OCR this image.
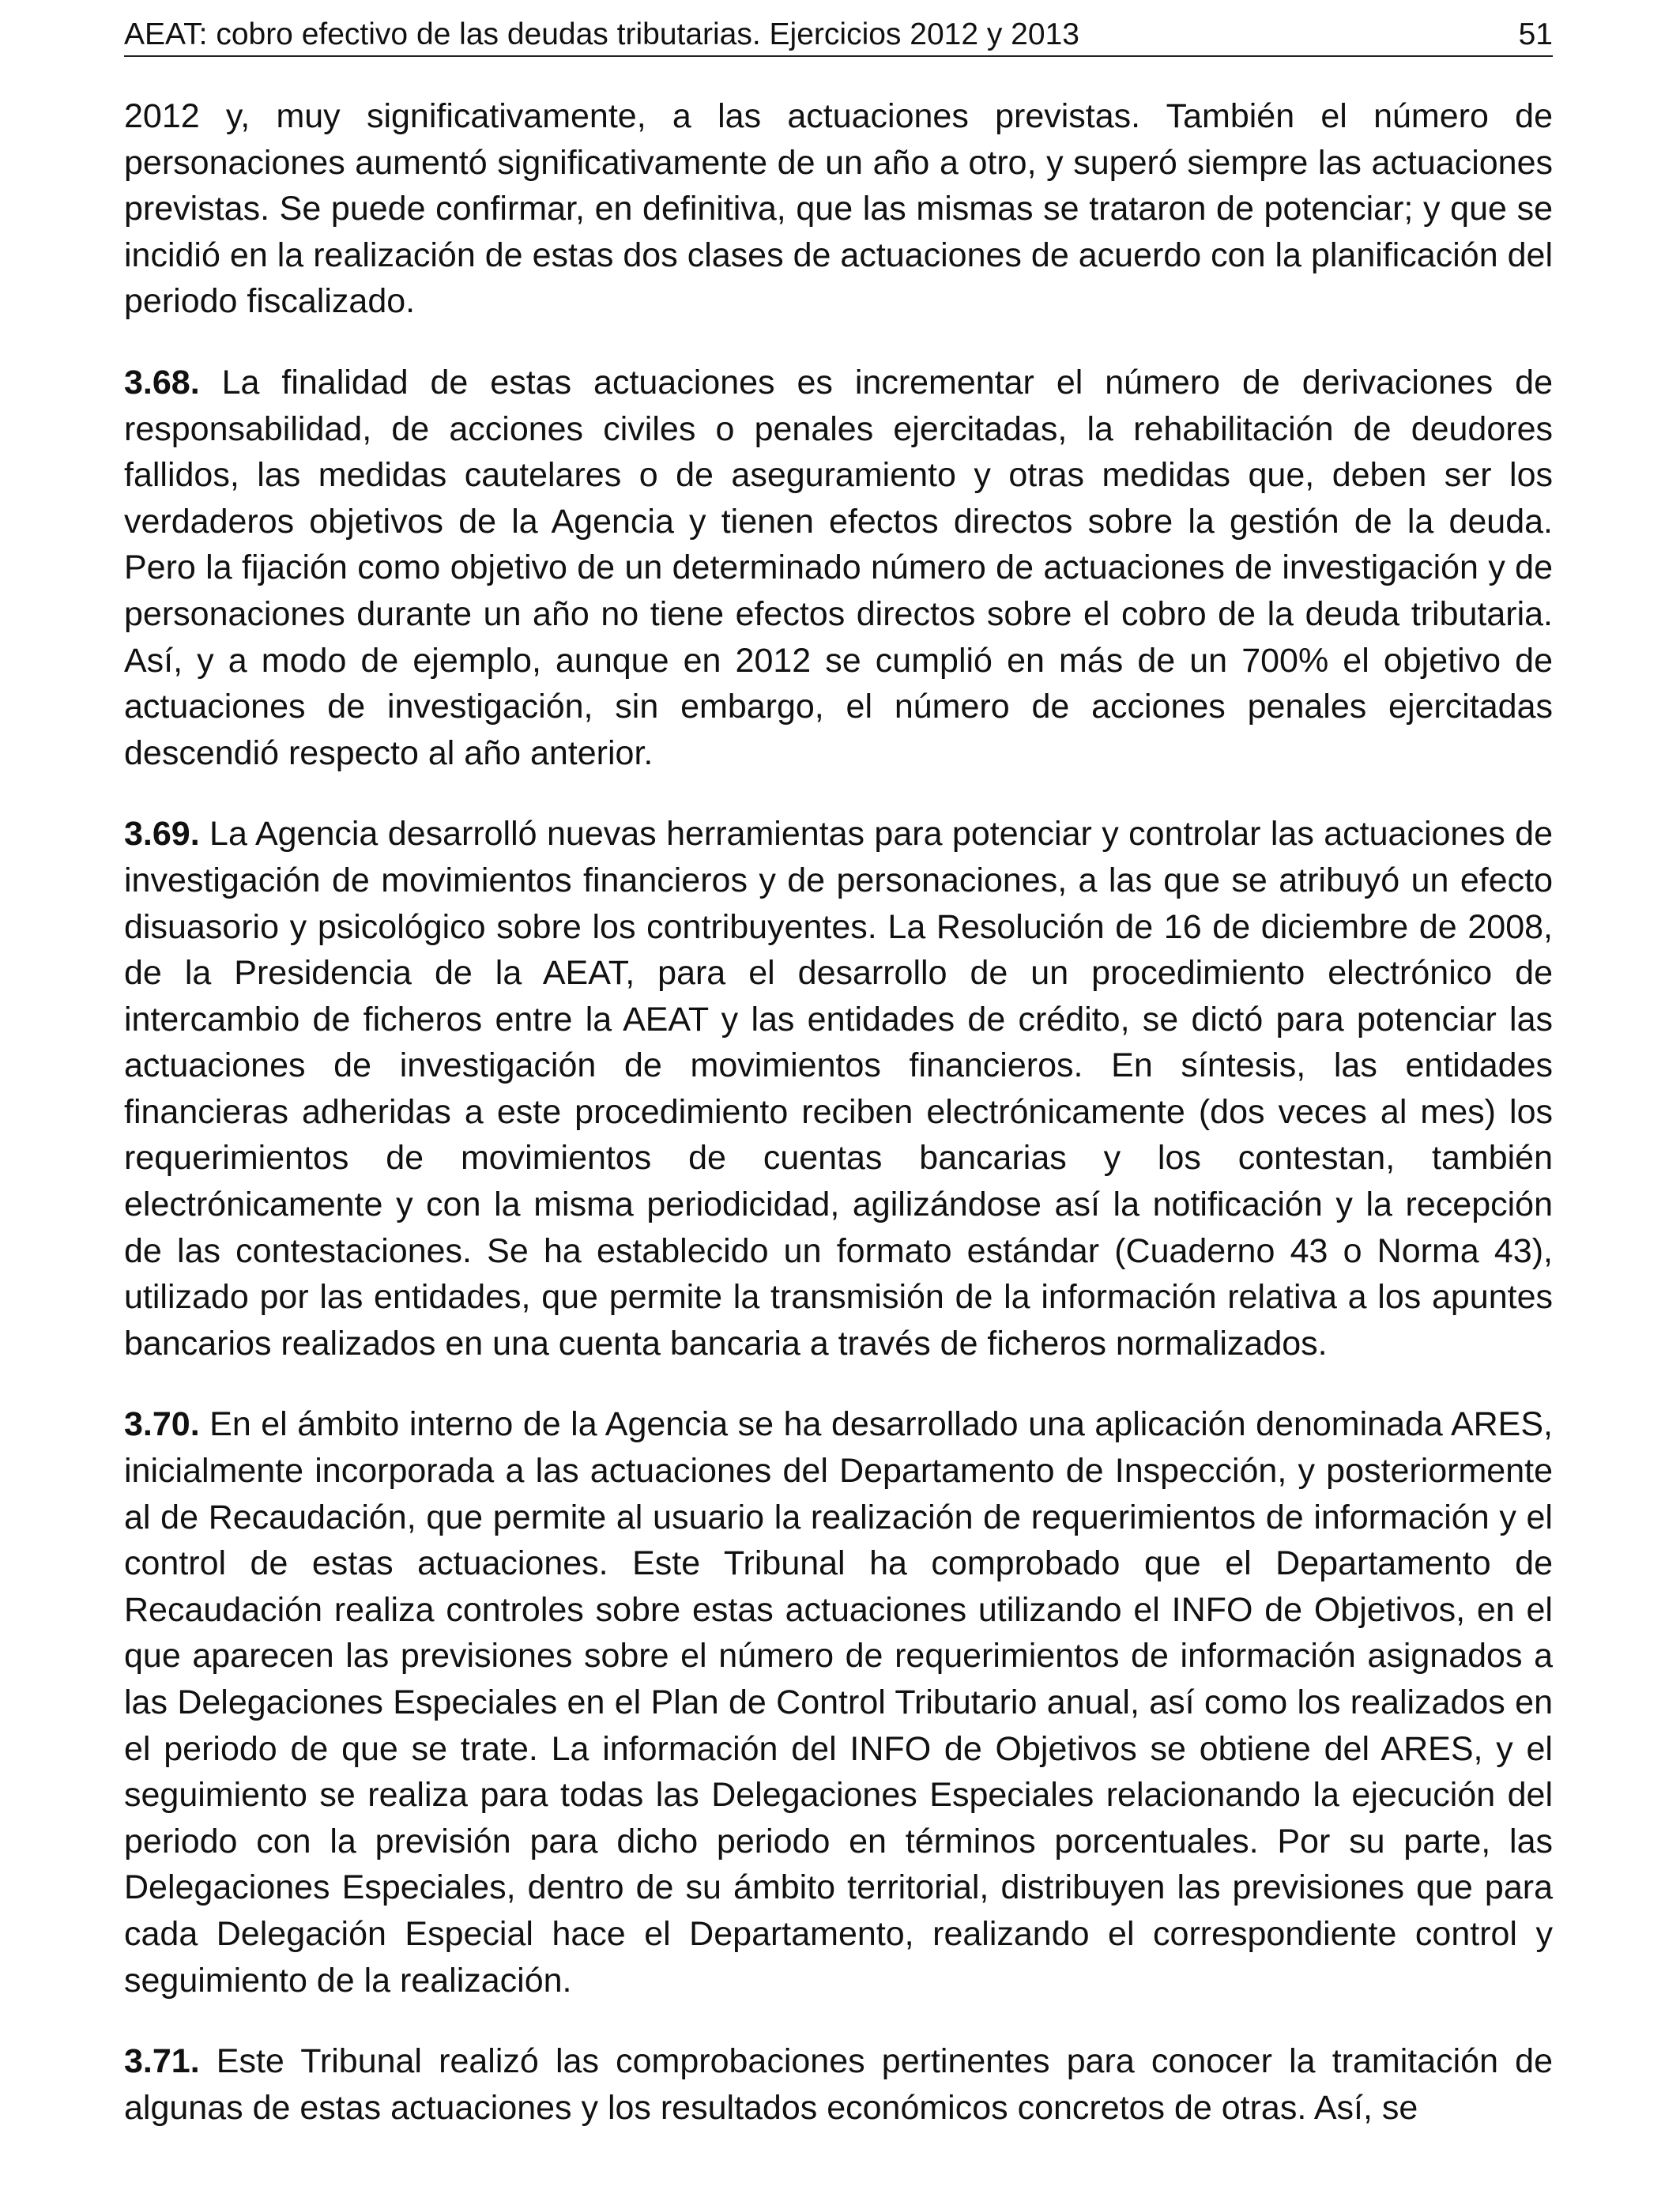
AEAT: cobro efectivo de las deudas tributarias. Ejercicios 2012 y 2013	51

2012 y, muy significativamente, a las actuaciones previstas. También el número de personaciones aumentó significativamente de un año a otro, y superó siempre las actuaciones previstas. Se puede confirmar, en definitiva, que las mismas se trataron de potenciar; y que se incidió en la realización de estas dos clases de actuaciones de acuerdo con la planificación del periodo fiscalizado.

3.68. La finalidad de estas actuaciones es incrementar el número de derivaciones de responsabilidad, de acciones civiles o penales ejercitadas, la rehabilitación de deudores fallidos, las medidas cautelares o de aseguramiento y otras medidas que, deben ser los verdaderos objetivos de la Agencia y tienen efectos directos sobre la gestión de la deuda. Pero la fijación como objetivo de un determinado número de actuaciones de investigación y de personaciones durante un año no tiene efectos directos sobre el cobro de la deuda tributaria. Así, y a modo de ejemplo, aunque en 2012 se cumplió en más de un 700% el objetivo de actuaciones de investigación, sin embargo, el número de acciones penales ejercitadas descendió respecto al año anterior.

3.69. La Agencia desarrolló nuevas herramientas para potenciar y controlar las actuaciones de investigación de movimientos financieros y de personaciones, a las que se atribuyó un efecto disuasorio y psicológico sobre los contribuyentes. La Resolución de 16 de diciembre de 2008, de la Presidencia de la AEAT, para el desarrollo de un procedimiento electrónico de intercambio de ficheros entre la AEAT y las entidades de crédito, se dictó para potenciar las actuaciones de investigación de movimientos financieros. En síntesis, las entidades financieras adheridas a este procedimiento reciben electrónicamente (dos veces al mes) los requerimientos de movimientos de cuentas bancarias y los contestan, también electrónicamente y con la misma periodicidad, agilizándose así la notificación y la recepción de las contestaciones. Se ha establecido un formato estándar (Cuaderno 43 o Norma 43), utilizado por las entidades, que permite la transmisión de la información relativa a los apuntes bancarios realizados en una cuenta bancaria a través de ficheros normalizados.

3.70. En el ámbito interno de la Agencia se ha desarrollado una aplicación denominada ARES, inicialmente incorporada a las actuaciones del Departamento de Inspección, y posteriormente al de Recaudación, que permite al usuario la realización de requerimientos de información y el control de estas actuaciones. Este Tribunal ha comprobado que el Departamento de Recaudación realiza controles sobre estas actuaciones utilizando el INFO de Objetivos, en el que aparecen las previsiones sobre el número de requerimientos de información asignados a las Delegaciones Especiales en el Plan de Control Tributario anual, así como los realizados en el periodo de que se trate. La información del INFO de Objetivos se obtiene del ARES, y el seguimiento se realiza para todas las Delegaciones Especiales relacionando la ejecución del periodo con la previsión para dicho periodo en términos porcentuales. Por su parte, las Delegaciones Especiales, dentro de su ámbito territorial, distribuyen las previsiones que para cada Delegación Especial hace el Departamento, realizando el correspondiente control y seguimiento de la realización.

3.71. Este Tribunal realizó las comprobaciones pertinentes para conocer la tramitación de algunas de estas actuaciones y los resultados económicos concretos de otras. Así, se
